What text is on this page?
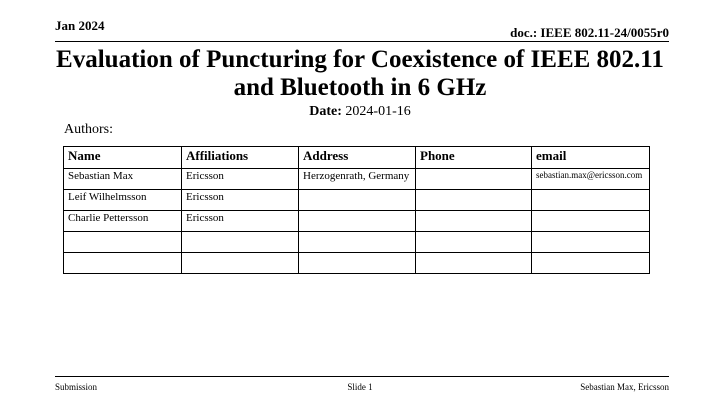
Jan 2024	doc.: IEEE 802.11-24/0055r0
Evaluation of Puncturing for Coexistence of IEEE 802.11
and Bluetooth in 6 GHz
Date: 2024-01-16
Authors:
Name	Affiliations	Address	Phone	email
Sebastian Max	Ericsson	Herzogenrath, Germany		sebastian.max@ericsson.com
Leif Wilhelmsson	Ericsson			
Charlie Pettersson	Ericsson			

Submission	Slide 1	Sebastian Max, Ericsson
